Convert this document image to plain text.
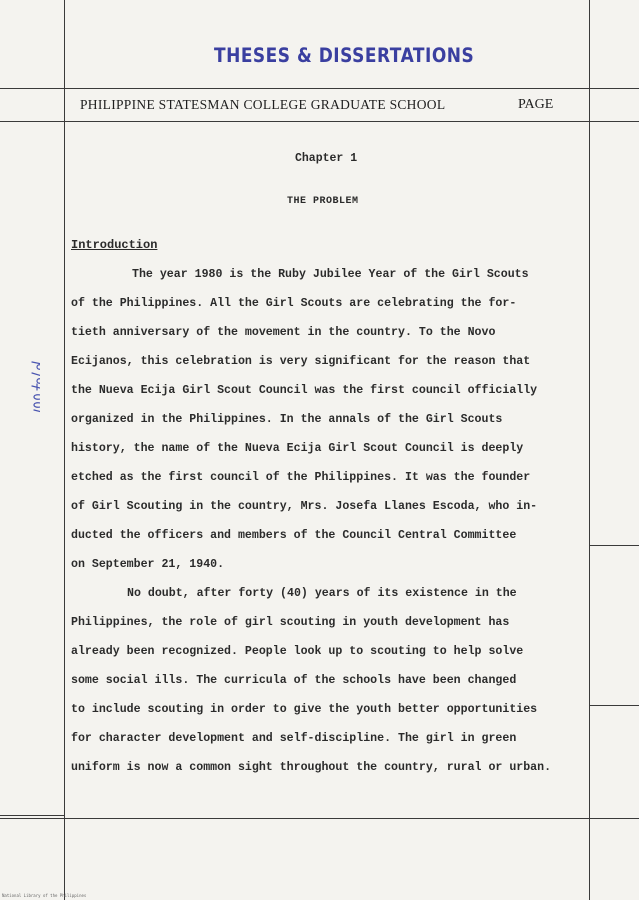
THESES & DISSERTATIONS
PHILIPPINE STATESMAN COLLEGE GRADUATE SCHOOL	PAGE
Chapter 1
THE PROBLEM
Introduction
The year 1980 is the Ruby Jubilee Year of the Girl Scouts
of the Philippines. All the Girl Scouts are celebrating the for-
tieth anniversary of the movement in the country. To the Novo
Ecijanos, this celebration is very significant for the reason that
the Nueva Ecija Girl Scout Council was the first council officially
organized in the Philippines. In the annals of the Girl Scouts
history, the name of the Nueva Ecija Girl Scout Council is deeply
etched as the first council of the Philippines. It was the founder
of Girl Scouting in the country, Mrs. Josefa Llanes Escoda, who in-
ducted the officers and members of the Council Central Committee
on September 21, 1940.
No doubt, after forty (40) years of its existence in the
Philippines, the role of girl scouting in youth development has
already been recognized. People look up to scouting to help solve
some social ills. The curricula of the schools have been changed
to include scouting in order to give the youth better opportunities
for character development and self-discipline. The girl in green
uniform is now a common sight throughout the country, rural or urban.
National Library of the Philippines
